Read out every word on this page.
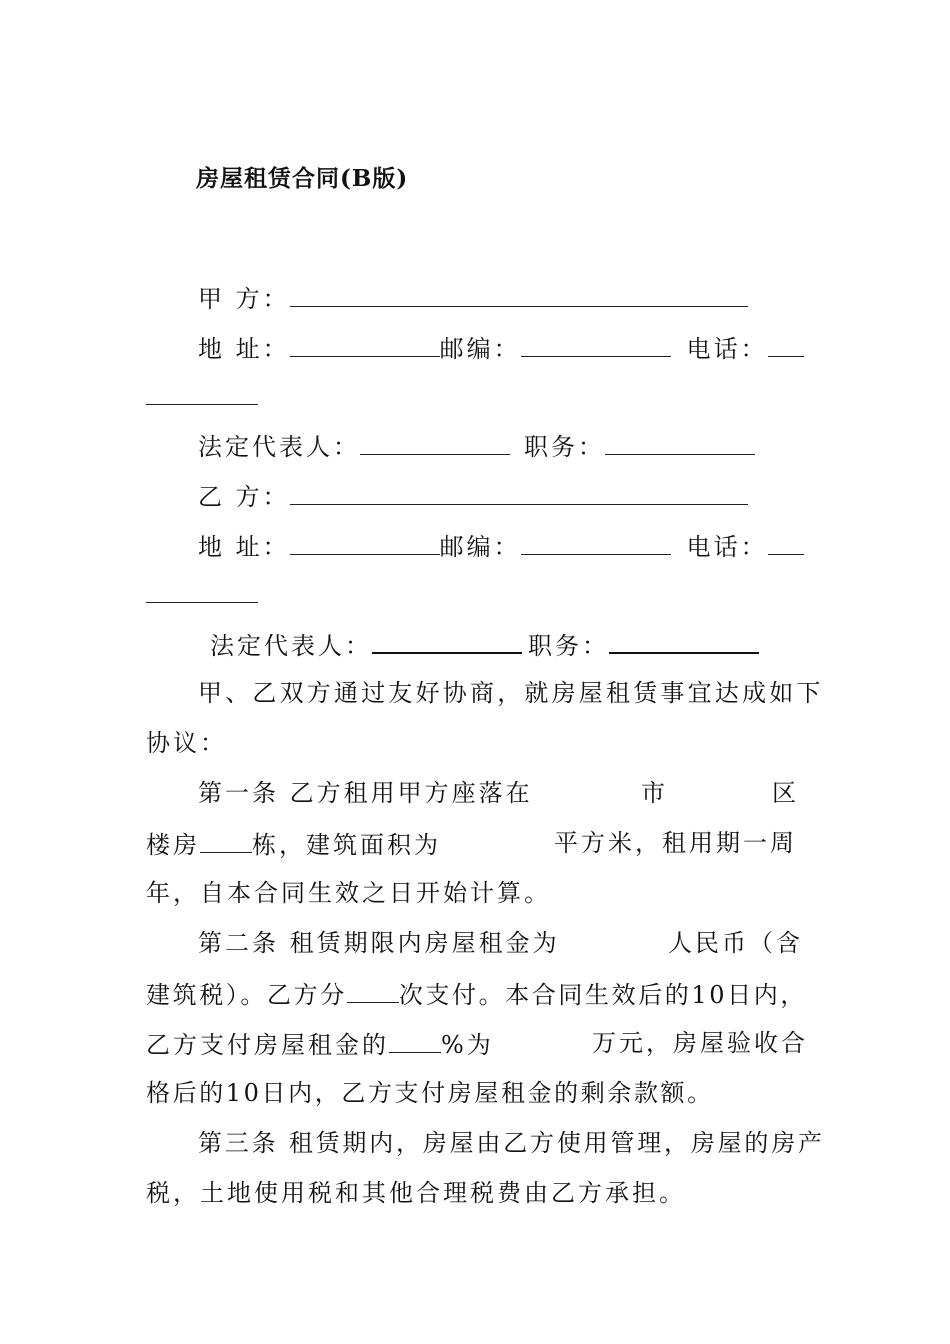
房屋租赁合同(B版)
甲 方：
地 址：	邮编：	电话：
法定代表人：	职务：
乙 方：
地 址：	邮编：	电话：
法定代表人：	职务：
甲、乙双方通过友好协商，就房屋租赁事宜达成如下
协议：
第一条 乙方租用甲方座落在	市	区
楼房 栋，建筑面积为	平方米，租用期一周
年，自本合同生效之日开始计算。
第二条 租赁期限内房屋租金为	人民币（含
建筑税）。乙方分 次支付。本合同生效后的10日内，
乙方支付房屋租金的 %为	万元，房屋验收合
格后的10日内，乙方支付房屋租金的剩余款额。
第三条 租赁期内，房屋由乙方使用管理，房屋的房产
税，土地使用税和其他合理税费由乙方承担。
